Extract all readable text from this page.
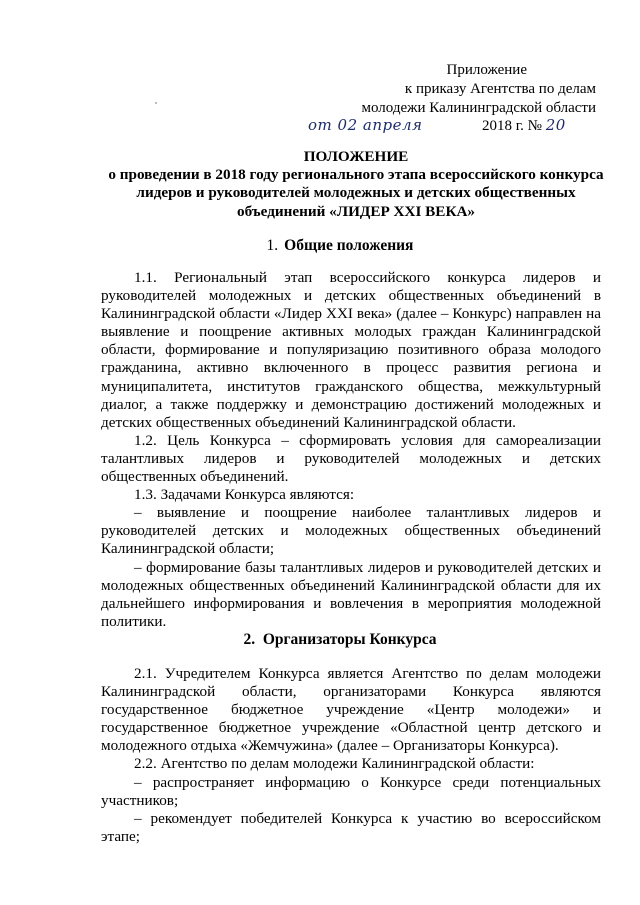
Приложение
к приказу Агентства по делам
молодежи Калининградской области
от 02 апреля	2018 г. № 20
ПОЛОЖЕНИЕ
о проведении в 2018 году регионального этапа всероссийского конкурса
лидеров и руководителей молодежных и детских общественных
объединений «ЛИДЕР XXI ВЕКА»
1. Общие положения

1.1. Региональный этап всероссийского конкурса лидеров и руководителей молодежных и детских общественных объединений в Калининградской области «Лидер XXI века» (далее – Конкурс) направлен на выявление и поощрение активных молодых граждан Калининградской области, формирование и популяризацию позитивного образа молодого гражданина, активно включенного в процесс развития региона и муниципалитета, институтов гражданского общества, межкультурный диалог, а также поддержку и демонстрацию достижений молодежных и детских общественных объединений Калининградской области.

1.2. Цель Конкурса – сформировать условия для самореализации талантливых лидеров и руководителей молодежных и детских общественных объединений.

1.3. Задачами Конкурса являются:

– выявление и поощрение наиболее талантливых лидеров и руководителей детских и молодежных общественных объединений Калининградской области;

– формирование базы талантливых лидеров и руководителей детских и молодежных общественных объединений Калининградской области для их дальнейшего информирования и вовлечения в мероприятия молодежной политики.

2. Организаторы Конкурса

2.1. Учредителем Конкурса является Агентство по делам молодежи Калининградской области, организаторами Конкурса являются государственное бюджетное учреждение «Центр молодежи» и государственное бюджетное учреждение «Областной центр детского и молодежного отдыха «Жемчужина» (далее – Организаторы Конкурса).

2.2. Агентство по делам молодежи Калининградской области:

– распространяет информацию о Конкурсе среди потенциальных участников;

– рекомендует победителей Конкурса к участию во всероссийском этапе;
